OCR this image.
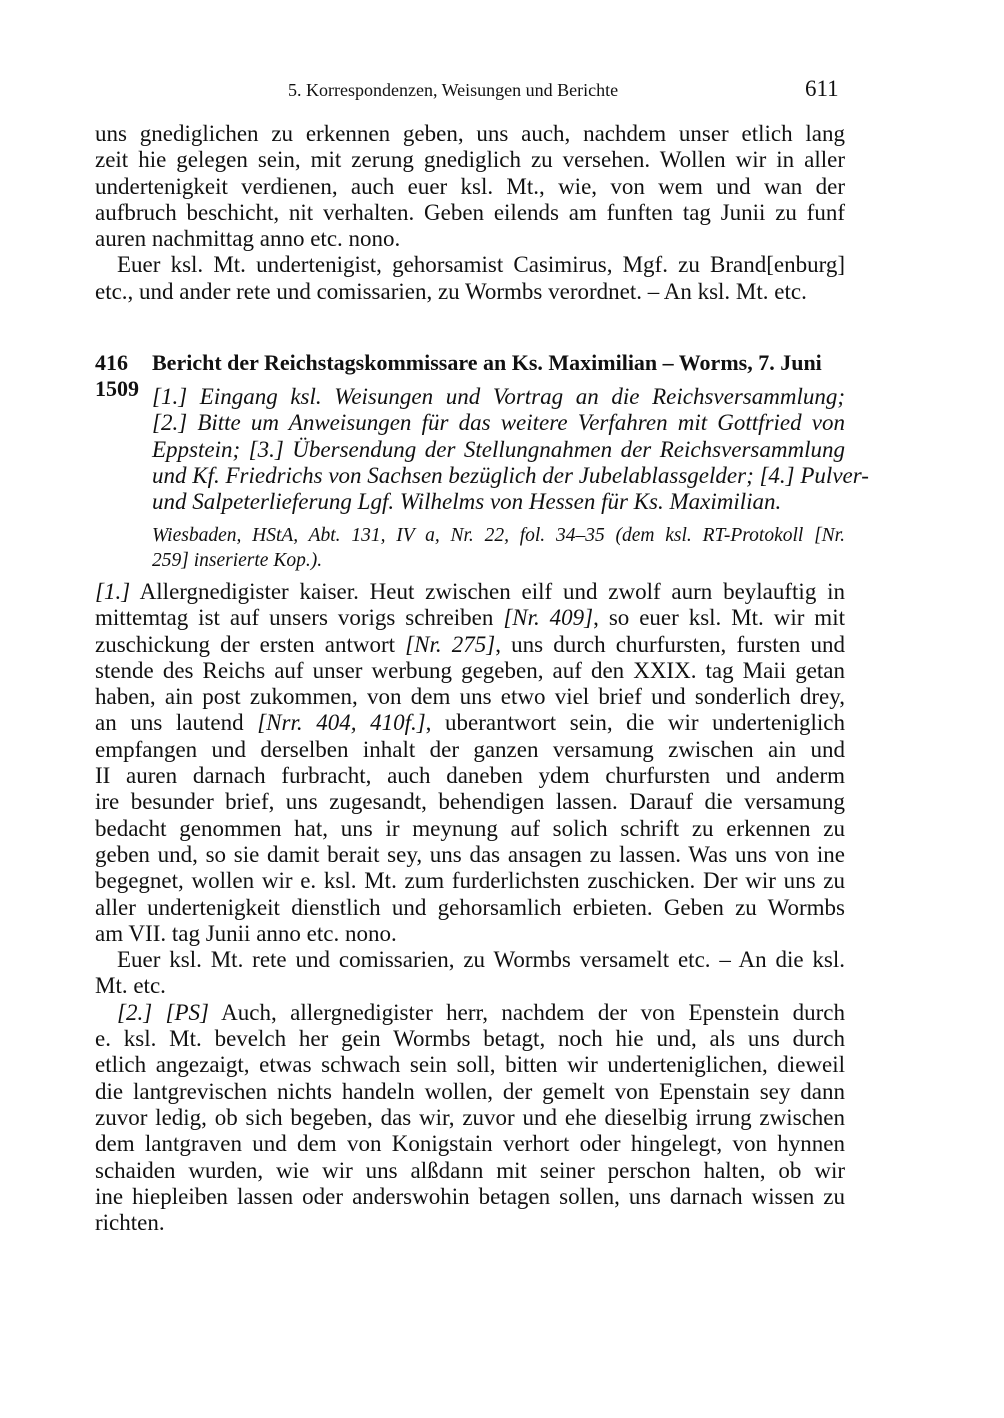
5. Korrespondenzen, Weisungen und Berichte	611
uns gnediglichen zu erkennen geben, uns auch, nachdem unser etlich lang
zeit hie gelegen sein, mit zerung gnediglich zu versehen. Wollen wir in aller
undertenigkeit verdienen, auch euer ksl. Mt., wie, von wem und wan der
aufbruch beschicht, nit verhalten. Geben eilends am funften tag Junii zu funf
auren nachmittag anno etc. nono.
Euer ksl. Mt. undertenigist, gehorsamist Casimirus, Mgf. zu Brand[enburg]
etc., und ander rete und comissarien, zu Wormbs verordnet. – An ksl. Mt. etc.
416 Bericht der Reichstagskommissare an Ks. Maximilian – Worms, 7. Juni 1509 [1.] Eingang ksl. Weisungen und Vortrag an die Reichsversammlung;
[2.] Bitte um Anweisungen für das weitere Verfahren mit Gottfried von
Eppstein; [3.] Übersendung der Stellungnahmen der Reichsversammlung
und Kf. Friedrichs von Sachsen bezüglich der Jubelablassgelder; [4.] Pulver-
und Salpeterlieferung Lgf. Wilhelms von Hessen für Ks. Maximilian.
Wiesbaden, HStA, Abt. 131, IV a, Nr. 22, fol. 34–35 (dem ksl. RT-Protokoll [Nr.
259] inserierte Kop.).
[1.] Allergnedigister kaiser. Heut zwischen eilf und zwolf aurn beylauftig in
mittemtag ist auf unsers vorigs schreiben [Nr. 409], so euer ksl. Mt. wir mit
zuschickung der ersten antwort [Nr. 275], uns durch churfursten, fursten und
stende des Reichs auf unser werbung gegeben, auf den XXIX. tag Maii getan
haben, ain post zukommen, von dem uns etwo viel brief und sonderlich drey,
an uns lautend [Nrr. 404, 410f.], uberantwort sein, die wir underteniglich
empfangen und derselben inhalt der ganzen versamung zwischen ain und
II auren darnach furbracht, auch daneben ydem churfursten und anderm
ire besunder brief, uns zugesandt, behendigen lassen. Darauf die versamung
bedacht genommen hat, uns ir meynung auf solich schrift zu erkennen zu
geben und, so sie damit berait sey, uns das ansagen zu lassen. Was uns von ine
begegnet, wollen wir e. ksl. Mt. zum furderlichsten zuschicken. Der wir uns zu
aller undertenigkeit dienstlich und gehorsamlich erbieten. Geben zu Wormbs
am VII. tag Junii anno etc. nono.
Euer ksl. Mt. rete und comissarien, zu Wormbs versamelt etc. – An die ksl.
Mt. etc.
[2.] [PS] Auch, allergnedigister herr, nachdem der von Epenstein durch
e. ksl. Mt. bevelch her gein Wormbs betagt, noch hie und, als uns durch
etlich angezaigt, etwas schwach sein soll, bitten wir underteniglichen, dieweil
die lantgrevischen nichts handeln wollen, der gemelt von Epenstain sey dann
zuvor ledig, ob sich begeben, das wir, zuvor und ehe dieselbig irrung zwischen
dem lantgraven und dem von Konigstain verhort oder hingelegt, von hynnen
schaiden wurden, wie wir uns alßdann mit seiner perschon halten, ob wir
ine hiepleiben lassen oder anderswohin betagen sollen, uns darnach wissen zu
richten.
